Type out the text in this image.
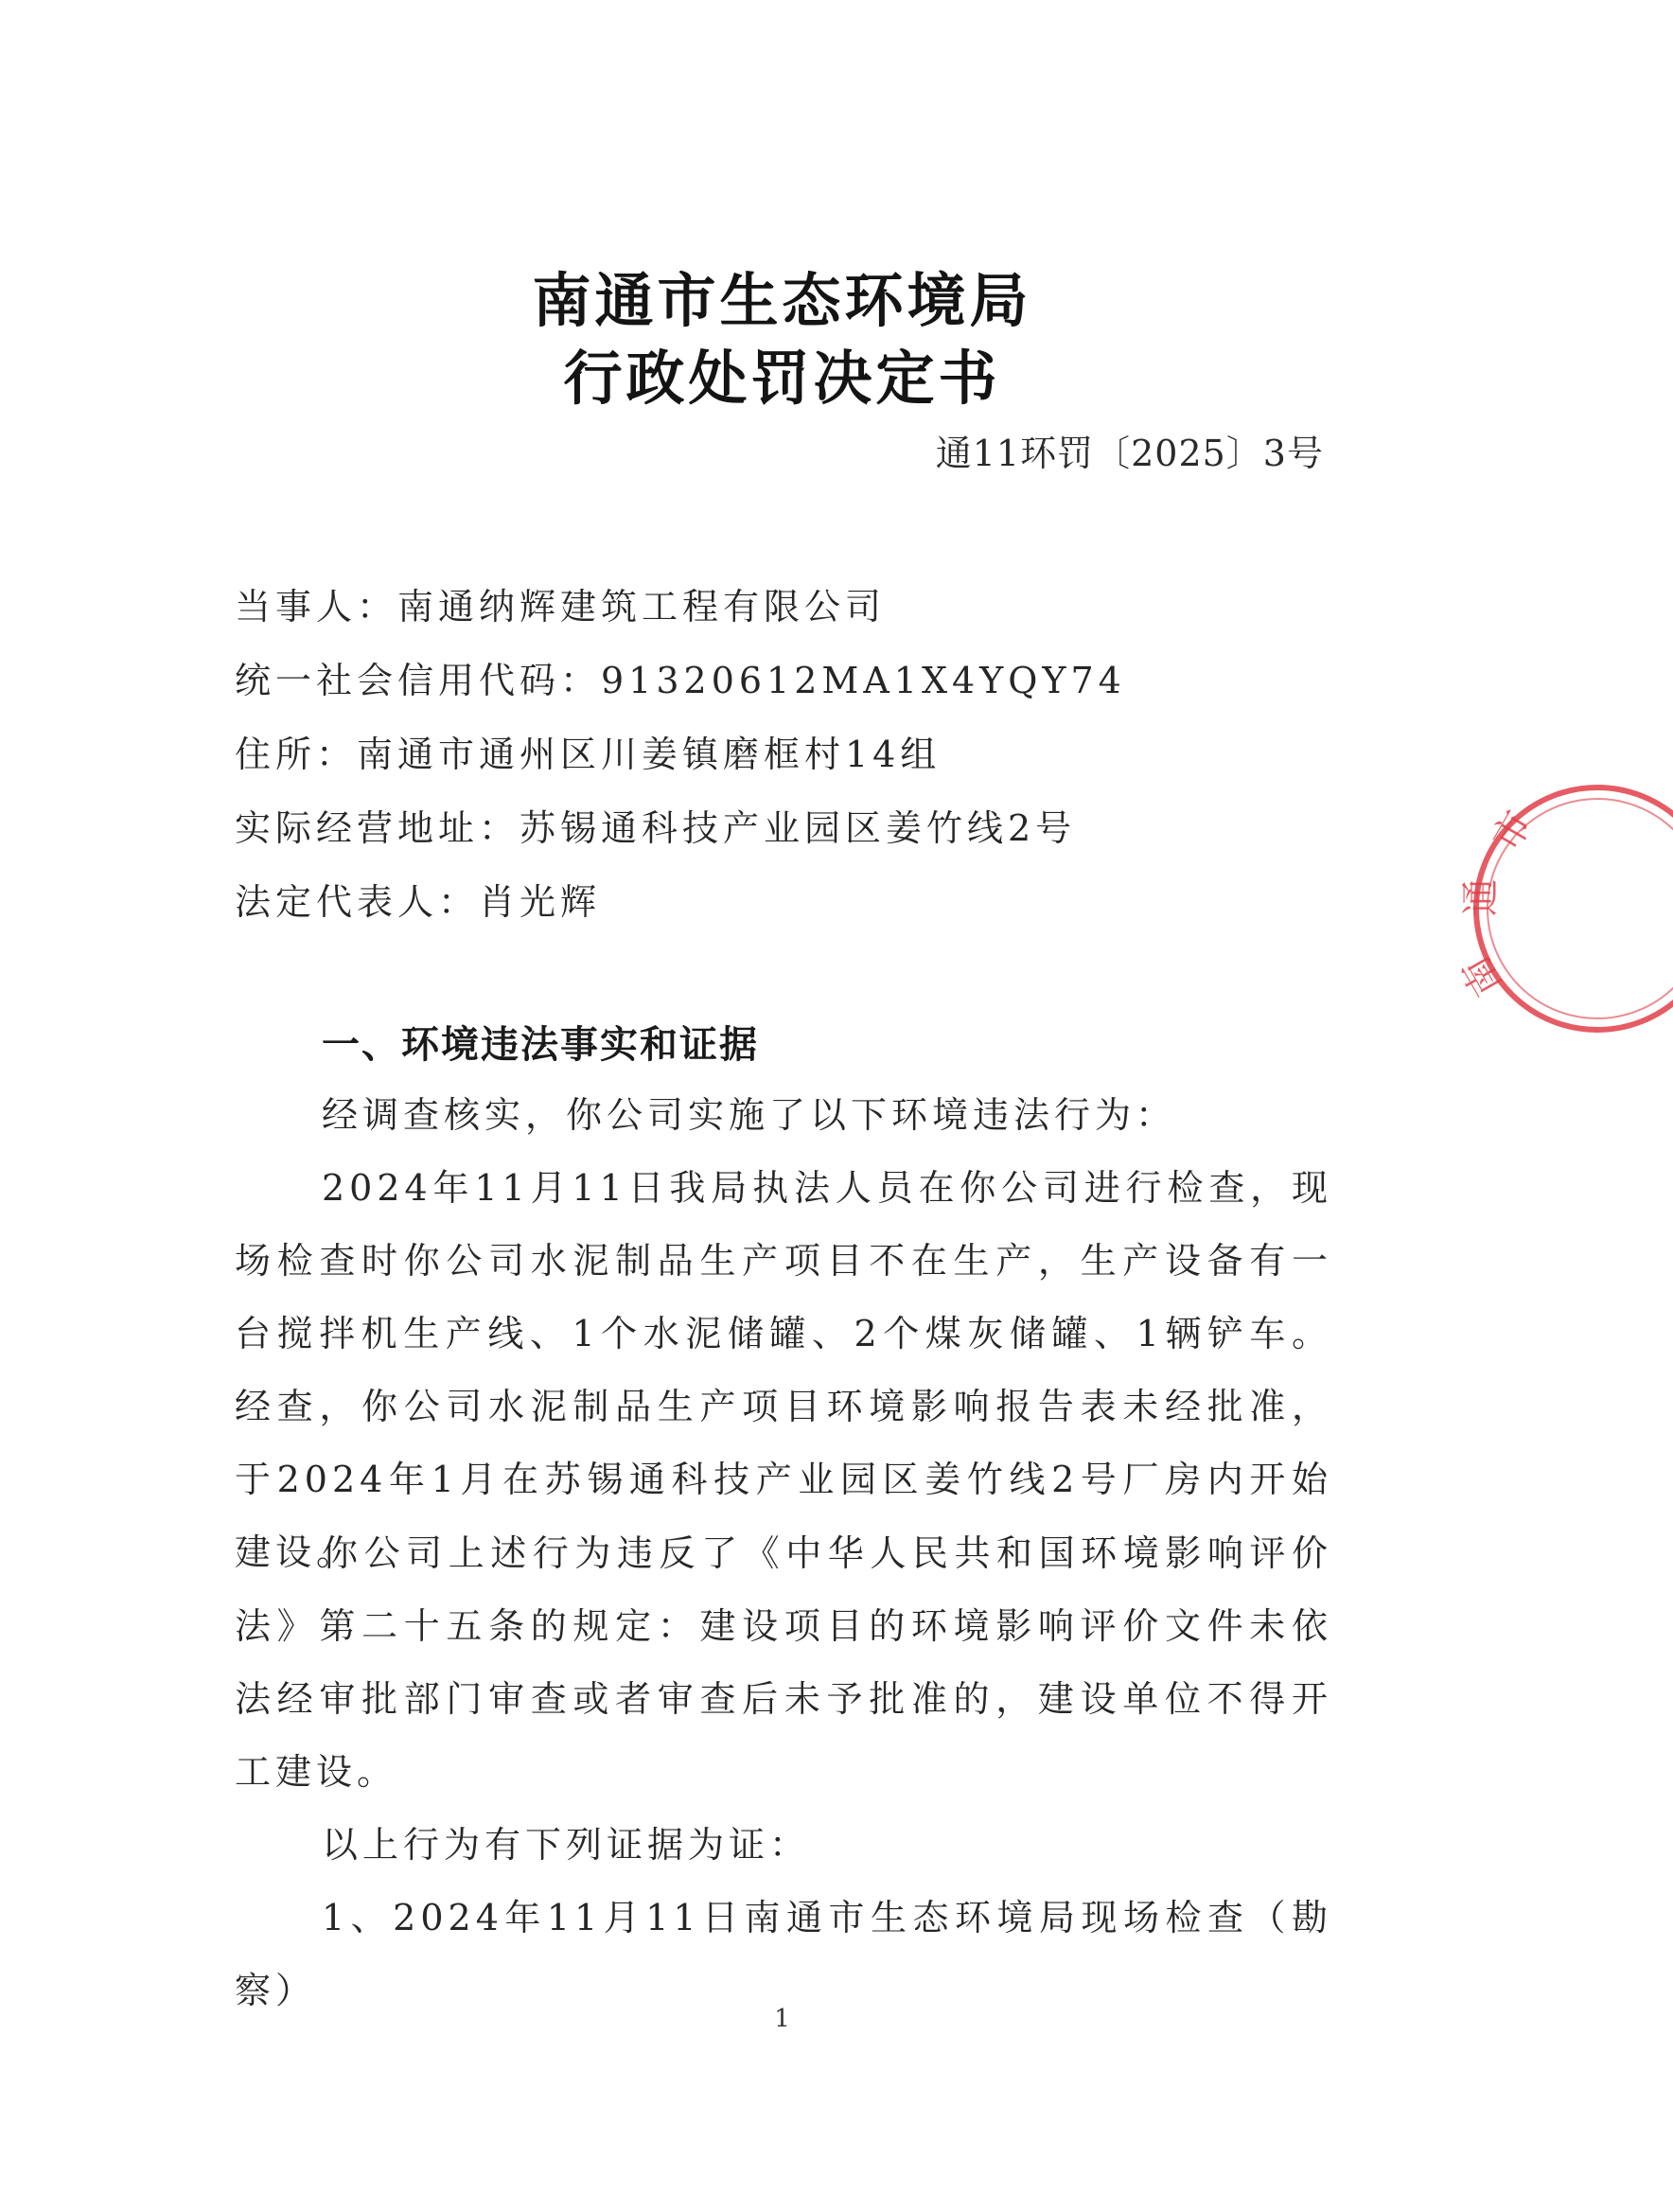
南通市生态环境局
行政处罚决定书
通11环罚〔2025〕3号
当事人：南通纳辉建筑工程有限公司
统一社会信用代码：91320612MA1X4YQY74
住所：南通市通州区川姜镇磨框村14组
实际经营地址：苏锡通科技产业园区姜竹线2号
法定代表人：肖光辉
一、环境违法事实和证据

经调查核实，你公司实施了以下环境违法行为：

2024年11月11日我局执法人员在你公司进行检查，现场检查时你公司水泥制品生产项目不在生产，生产设备有一台搅拌机生产线、1个水泥储罐、2个煤灰储罐、1辆铲车。经查，你公司水泥制品生产项目环境影响报告表未经批准，于2024年1月在苏锡通科技产业园区姜竹线2号厂房内开始建设。

你公司上述行为违反了《中华人民共和国环境影响评价法》第二十五条的规定：建设项目的环境影响评价文件未依法经审批部门审查或者审查后未予批准的，建设单位不得开工建设。

以上行为有下列证据为证：

1、2024年11月11日南通市生态环境局现场检查（勘察）

1
市
通
南
